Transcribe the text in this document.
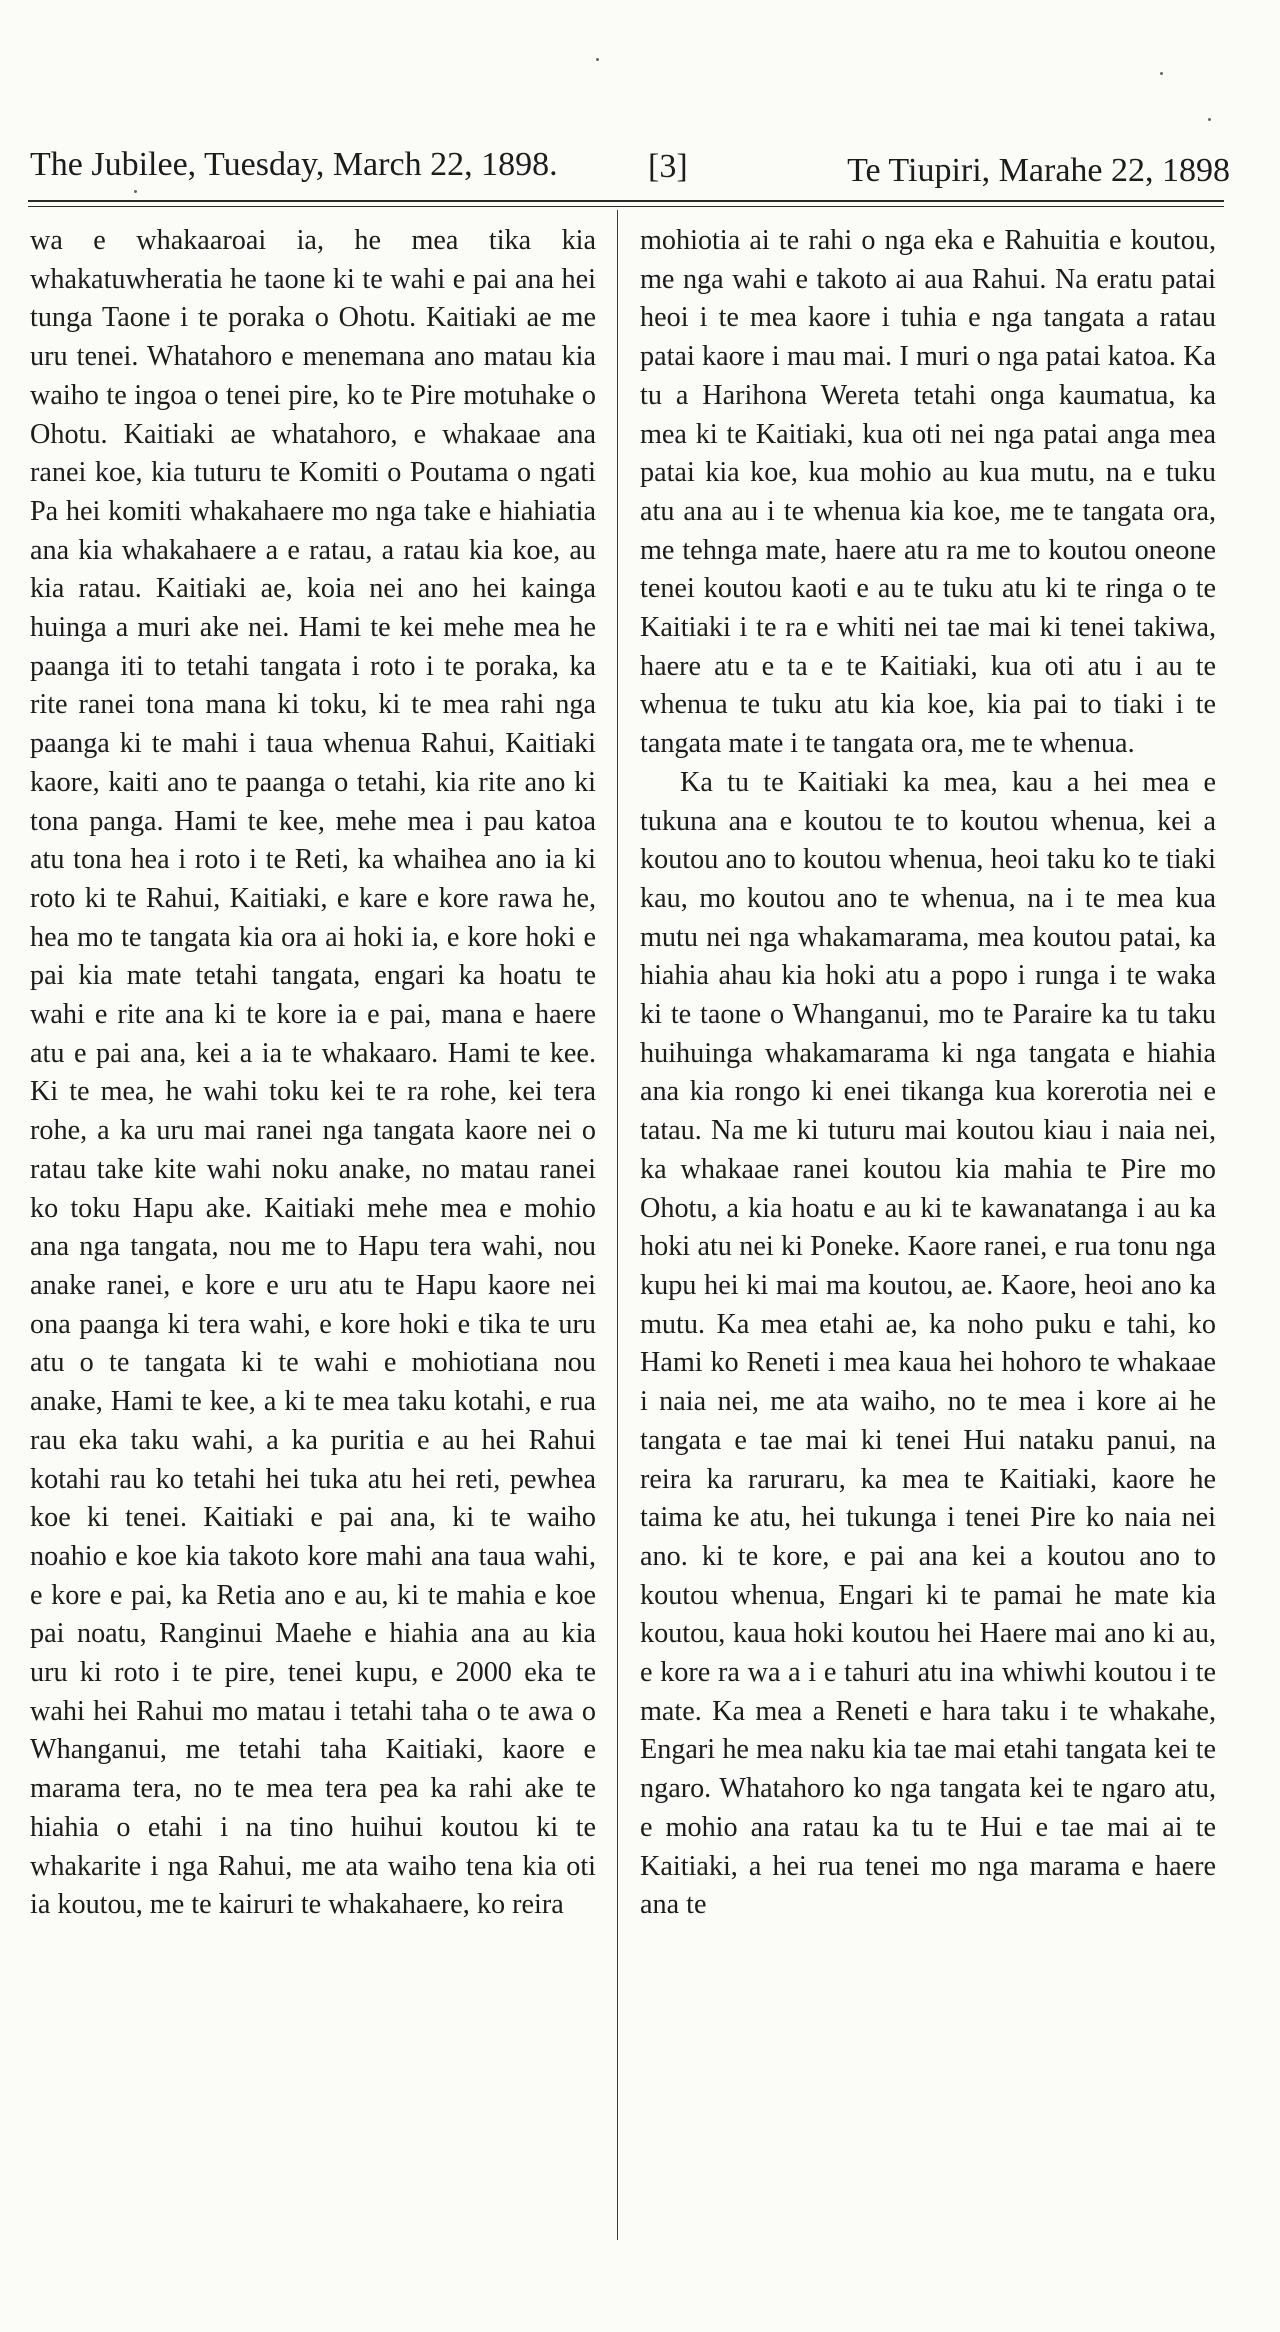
The Jubilee, Tuesday, March 22, 1898.	[3]	Te Tiupiri, Marahe 22, 1898

wa e whakaaroai ia, he mea tika kia whakatuwheratia he taone ki te wahi e pai ana hei tunga Taone i te poraka o Ohotu. Kaitiaki ae me uru tenei. Whatahoro e menemana ano matau kia waiho te ingoa o tenei pire, ko te Pire motuhake o Ohotu. Kaitiaki ae whatahoro, e whakaae ana ranei koe, kia tuturu te Komiti o Poutama o ngati Pa hei komiti whakahaere mo nga take e hiahiatia ana kia whakahaere a e ratau, a ratau kia koe, au kia ratau. Kaitiaki ae, koia nei ano hei kainga huinga a muri ake nei. Hami te kei mehe mea he paanga iti to tetahi tangata i roto i te poraka, ka rite ranei tona mana ki toku, ki te mea rahi nga paanga ki te mahi i taua whenua Rahui, Kaitiaki kaore, kaiti ano te paanga o tetahi, kia rite ano ki tona panga. Hami te kee, mehe mea i pau katoa atu tona hea i roto i te Reti, ka whaihea ano ia ki roto ki te Rahui, Kaitiaki, e kare e kore rawa he, hea mo te tangata kia ora ai hoki ia, e kore hoki e pai kia mate tetahi tangata, engari ka hoatu te wahi e rite ana ki te kore ia e pai, mana e haere atu e pai ana, kei a ia te whakaaro. Hami te kee. Ki te mea, he wahi toku kei te ra rohe, kei tera rohe, a ka uru mai ranei nga tangata kaore nei o ratau take kite wahi noku anake, no matau ranei ko toku Hapu ake. Kaitiaki mehe mea e mohio ana nga tangata, nou me to Hapu tera wahi, nou anake ranei, e kore e uru atu te Hapu kaore nei ona paanga ki tera wahi, e kore hoki e tika te uru atu o te tangata ki te wahi e mohiotiana nou anake, Hami te kee, a ki te mea taku kotahi, e rua rau eka taku wahi, a ka puritia e au hei Rahui kotahi rau ko tetahi hei tuka atu hei reti, pewhea koe ki tenei. Kaitiaki e pai ana, ki te waiho noahio e koe kia takoto kore mahi ana taua wahi, e kore e pai, ka Retia ano e au, ki te mahia e koe pai noatu, Ranginui Maehe e hiahia ana au kia uru ki roto i te pire, tenei kupu, e 2000 eka te wahi hei Rahui mo matau i tetahi taha o te awa o Whanganui, me tetahi taha Kaitiaki, kaore e marama tera, no te mea tera pea ka rahi ake te hiahia o etahi i na tino huihui koutou ki te whakarite i nga Rahui, me ata waiho tena kia oti ia koutou, me te kairuri te whakahaere, ko reira

mohiotia ai te rahi o nga eka e Rahuitia e koutou, me nga wahi e takoto ai aua Rahui. Na eratu patai heoi i te mea kaore i tuhia e nga tangata a ratau patai kaore i mau mai. I muri o nga patai katoa. Ka tu a Harihona Wereta tetahi onga kaumatua, ka mea ki te Kaitiaki, kua oti nei nga patai anga mea patai kia koe, kua mohio au kua mutu, na e tuku atu ana au i te whenua kia koe, me te tangata ora, me tehnga mate, haere atu ra me to koutou oneone tenei koutou kaoti e au te tuku atu ki te ringa o te Kaitiaki i te ra e whiti nei tae mai ki tenei takiwa, haere atu e ta e te Kaitiaki, kua oti atu i au te whenua te tuku atu kia koe, kia pai to tiaki i te tangata mate i te tangata ora, me te whenua.

Ka tu te Kaitiaki ka mea, kau a hei mea e tukuna ana e koutou te to koutou whenua, kei a koutou ano to koutou whenua, heoi taku ko te tiaki kau, mo koutou ano te whenua, na i te mea kua mutu nei nga whakamarama, mea koutou patai, ka hiahia ahau kia hoki atu a popo i runga i te waka ki te taone o Whanganui, mo te Paraire ka tu taku huihuinga whakamarama ki nga tangata e hiahia ana kia rongo ki enei tikanga kua korerotia nei e tatau. Na me ki tuturu mai koutou kiau i naia nei, ka whakaae ranei koutou kia mahia te Pire mo Ohotu, a kia hoatu e au ki te kawanatanga i au ka hoki atu nei ki Poneke. Kaore ranei, e rua tonu nga kupu hei ki mai ma koutou, ae. Kaore, heoi ano ka mutu. Ka mea etahi ae, ka noho puku e tahi, ko Hami ko Reneti i mea kaua hei hohoro te whakaae i naia nei, me ata waiho, no te mea i kore ai he tangata e tae mai ki tenei Hui nataku panui, na reira ka raruraru, ka mea te Kaitiaki, kaore he taima ke atu, hei tukunga i tenei Pire ko naia nei ano. ki te kore, e pai ana kei a koutou ano to koutou whenua, Engari ki te pamai he mate kia koutou, kaua hoki koutou hei Haere mai ano ki au, e kore ra wa a i e tahuri atu ina whiwhi koutou i te mate. Ka mea a Reneti e hara taku i te whakahe, Engari he mea naku kia tae mai etahi tangata kei te ngaro. Whatahoro ko nga tangata kei te ngaro atu, e mohio ana ratau ka tu te Hui e tae mai ai te Kaitiaki, a hei rua tenei mo nga marama e haere ana te
